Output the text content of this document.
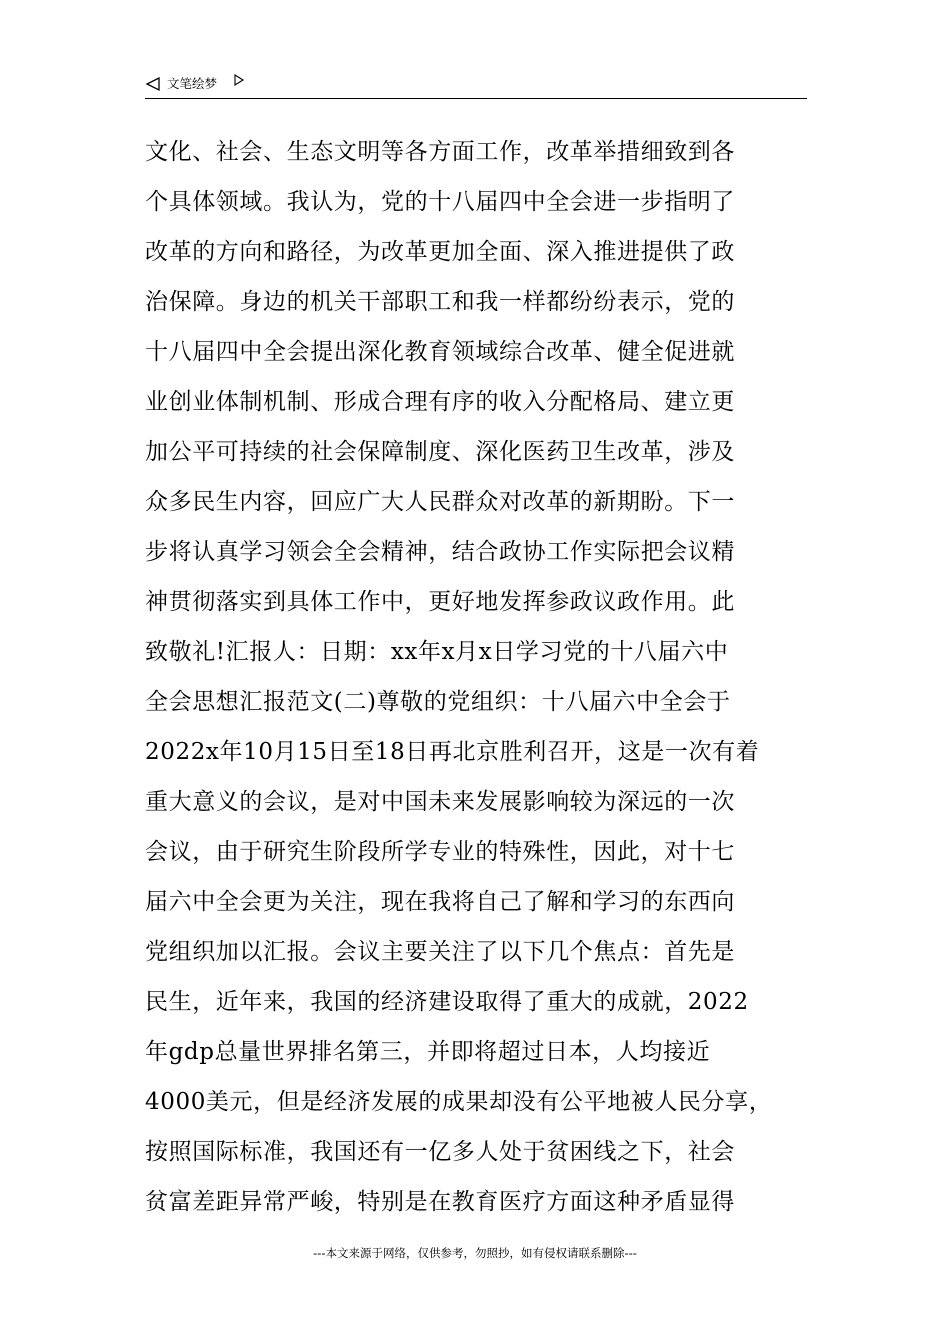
文笔绘梦
文化、社会、生态文明等各方面工作，改革举措细致到各
个具体领域。我认为，党的十八届四中全会进一步指明了
改革的方向和路径，为改革更加全面、深入推进提供了政
治保障。身边的机关干部职工和我一样都纷纷表示，党的
十八届四中全会提出深化教育领域综合改革、健全促进就
业创业体制机制、形成合理有序的收入分配格局、建立更
加公平可持续的社会保障制度、深化医药卫生改革，涉及
众多民生内容，回应广大人民群众对改革的新期盼。下一
步将认真学习领会全会精神，结合政协工作实际把会议精
神贯彻落实到具体工作中，更好地发挥参政议政作用。此
致敬礼!汇报人：日期：xx年x月x日学习党的十八届六中
全会思想汇报范文(二)尊敬的党组织：十八届六中全会于
2022x年10月15日至18日再北京胜利召开，这是一次有着
重大意义的会议，是对中国未来发展影响较为深远的一次
会议，由于研究生阶段所学专业的特殊性，因此，对十七
届六中全会更为关注，现在我将自己了解和学习的东西向
党组织加以汇报。会议主要关注了以下几个焦点：首先是
民生，近年来，我国的经济建设取得了重大的成就，2022
年gdp总量世界排名第三，并即将超过日本，人均接近
4000美元，但是经济发展的成果却没有公平地被人民分享，
按照国际标准，我国还有一亿多人处于贫困线之下，社会
贫富差距异常严峻，特别是在教育医疗方面这种矛盾显得
---本文来源于网络，仅供参考，勿照抄，如有侵权请联系删除---
